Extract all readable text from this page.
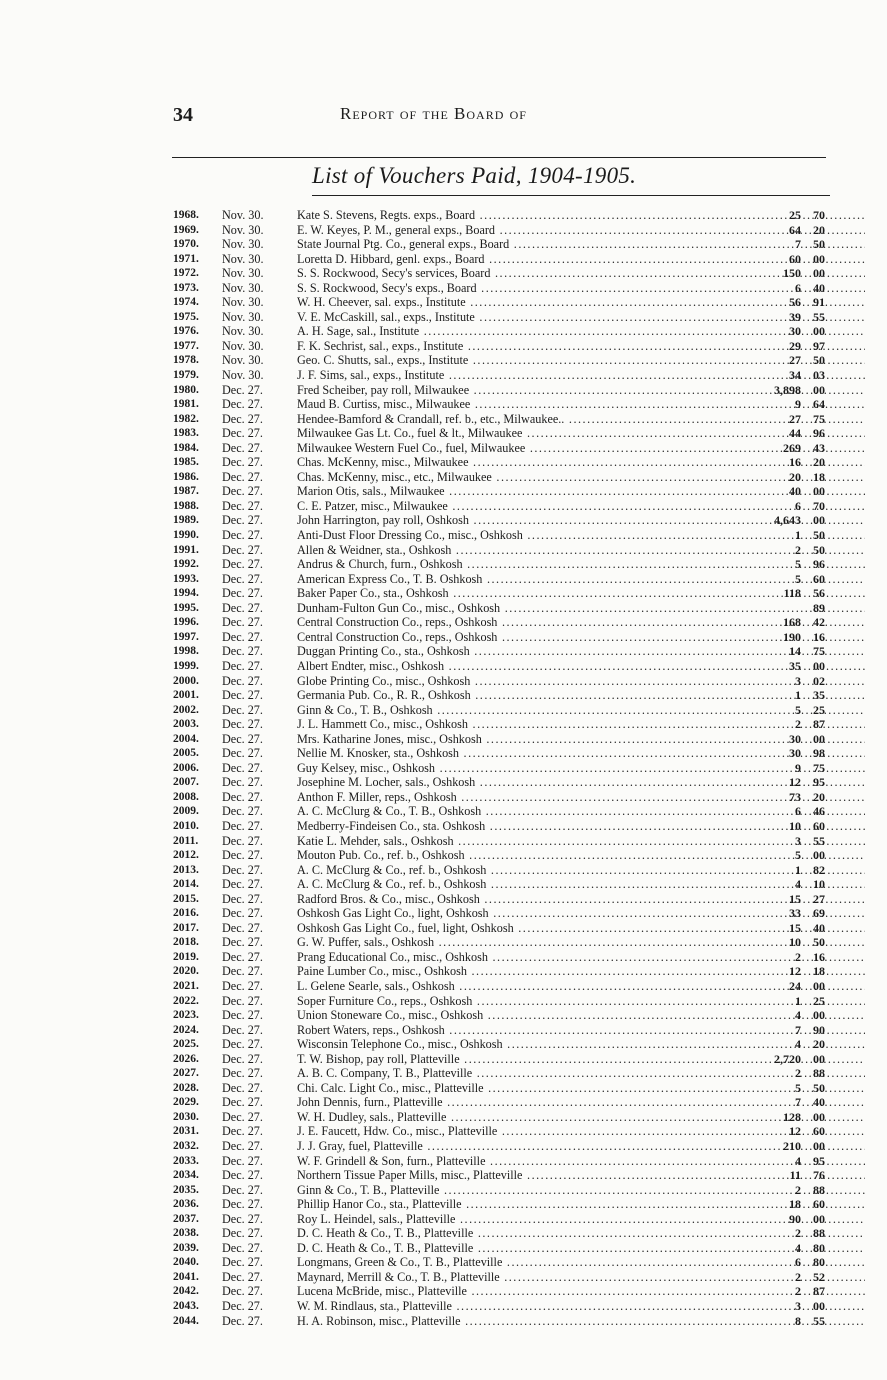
34	Report of the Board of
List of Vouchers Paid, 1904-1905.
1968.	Nov. 30.	Kate S. Stevens, Regts. exps., Board .....	25 70
1969.	Nov. 30.	E. W. Keyes, P. M., general exps., Board .....	64 20
1970.	Nov. 30.	State Journal Ptg. Co., general exps., Board .....	7 50
1971.	Nov. 30.	Loretta D. Hibbard, genl. exps., Board .....	60 00
1972.	Nov. 30.	S. S. Rockwood, Secy's services, Board .....	150 00
1973.	Nov. 30.	S. S. Rockwood, Secy's exps., Board .....	6 40
1974.	Nov. 30.	W. H. Cheever, sal. exps., Institute .....	56 91
1975.	Nov. 30.	V. E. McCaskill, sal., exps., Institute .....	39 55
1976.	Nov. 30.	A. H. Sage, sal., Institute .....	30 00
1977.	Nov. 30.	F. K. Sechrist, sal., exps., Institute .....	29 97
1978.	Nov. 30.	Geo. C. Shutts, sal., exps., Institute .....	27 50
1979.	Nov. 30.	J. F. Sims, sal., exps., Institute .....	34 03
1980.	Dec. 27.	Fred Scheiber, pay roll, Milwaukee .....	3,898 00
1981.	Dec. 27.	Maud B. Curtiss, misc., Milwaukee .....	9 64
1982.	Dec. 27.	Hendee-Bamford & Crandall, ref. b., etc., Milwaukee.. .....	27 75
1983.	Dec. 27.	Milwaukee Gas Lt. Co., fuel & lt., Milwaukee .....	44 96
1984.	Dec. 27.	Milwaukee Western Fuel Co., fuel, Milwaukee .....	269 43
1985.	Dec. 27.	Chas. McKenny, misc., Milwaukee .....	16 20
1986.	Dec. 27.	Chas. McKenny, misc., etc., Milwaukee .....	20 18
1987.	Dec. 27.	Marion Otis, sals., Milwaukee .....	40 00
1988.	Dec. 27.	C. E. Patzer, misc., Milwaukee .....	6 70
1989.	Dec. 27.	John Harrington, pay roll, Oshkosh .....	4,643 00
1990.	Dec. 27.	Anti-Dust Floor Dressing Co., misc., Oshkosh .....	1 50
1991.	Dec. 27.	Allen & Weidner, sta., Oshkosh .....	2 50
1992.	Dec. 27.	Andrus & Church, furn., Oshkosh .....	5 96
1993.	Dec. 27.	American Express Co., T. B. Oshkosh .....	5 60
1994.	Dec. 27.	Baker Paper Co., sta., Oshkosh .....	118 56
1995.	Dec. 27.	Dunham-Fulton Gun Co., misc., Oshkosh .....	89
1996.	Dec. 27.	Central Construction Co., reps., Oshkosh .....	168 42
1997.	Dec. 27.	Central Construction Co., reps., Oshkosh .....	190 16
1998.	Dec. 27.	Duggan Printing Co., sta., Oshkosh .....	14 75
1999.	Dec. 27.	Albert Endter, misc., Oshkosh .....	35 00
2000.	Dec. 27.	Globe Printing Co., misc., Oshkosh .....	3 02
2001.	Dec. 27.	Germania Pub. Co., R. R., Oshkosh .....	1 35
2002.	Dec. 27.	Ginn & Co., T. B., Oshkosh .....	5 25
2003.	Dec. 27.	J. L. Hammett Co., misc., Oshkosh .....	2 87
2004.	Dec. 27.	Mrs. Katharine Jones, misc., Oshkosh .....	30 00
2005.	Dec. 27.	Nellie M. Knosker, sta., Oshkosh .....	30 98
2006.	Dec. 27.	Guy Kelsey, misc., Oshkosh .....	9 75
2007.	Dec. 27.	Josephine M. Locher, sals., Oshkosh .....	12 95
2008.	Dec. 27.	Anthon F. Miller, reps., Oshkosh .....	73 20
2009.	Dec. 27.	A. C. McClurg & Co., T. B., Oshkosh .....	6 46
2010.	Dec. 27.	Medberry-Findeisen Co., sta. Oshkosh .....	10 60
2011.	Dec. 27.	Katie L. Mehder, sals., Oshkosh .....	3 55
2012.	Dec. 27.	Mouton Pub. Co., ref. b., Oshkosh .....	5 00
2013.	Dec. 27.	A. C. McClurg & Co., ref. b., Oshkosh .....	1 82
2014.	Dec. 27.	A. C. McClurg & Co., ref. b., Oshkosh .....	4 10
2015.	Dec. 27.	Radford Bros. & Co., misc., Oshkosh .....	15 27
2016.	Dec. 27.	Oshkosh Gas Light Co., light, Oshkosh .....	33 69
2017.	Dec. 27.	Oshkosh Gas Light Co., fuel, light, Oshkosh .....	15 40
2018.	Dec. 27.	G. W. Puffer, sals., Oshkosh .....	10 50
2019.	Dec. 27.	Prang Educational Co., misc., Oshkosh .....	2 16
2020.	Dec. 27.	Paine Lumber Co., misc., Oshkosh .....	12 18
2021.	Dec. 27.	L. Gelene Searle, sals., Oshkosh .....	24 00
2022.	Dec. 27.	Soper Furniture Co., reps., Oshkosh .....	1 25
2023.	Dec. 27.	Union Stoneware Co., misc., Oshkosh .....	4 00
2024.	Dec. 27.	Robert Waters, reps., Oshkosh .....	7 90
2025.	Dec. 27.	Wisconsin Telephone Co., misc., Oshkosh .....	4 20
2026.	Dec. 27.	T. W. Bishop, pay roll, Platteville .....	2,720 00
2027.	Dec. 27.	A. B. C. Company, T. B., Platteville .....	2 88
2028.	Dec. 27.	Chi. Calc. Light Co., misc., Platteville .....	5 50
2029.	Dec. 27.	John Dennis, furn., Platteville .....	7 40
2030.	Dec. 27.	W. H. Dudley, sals., Platteville .....	128 00
2031.	Dec. 27.	J. E. Faucett, Hdw. Co., misc., Platteville .....	12 60
2032.	Dec. 27.	J. J. Gray, fuel, Platteville .....	210 00
2033.	Dec. 27.	W. F. Grindell & Son, furn., Platteville .....	4 95
2034.	Dec. 27.	Northern Tissue Paper Mills, misc., Platteville .....	11 76
2035.	Dec. 27.	Ginn & Co., T. B., Platteville .....	2 88
2036.	Dec. 27.	Phillip Hanor Co., sta., Platteville .....	18 60
2037.	Dec. 27.	Roy L. Heindel, sals., Platteville .....	90 00
2038.	Dec. 27.	D. C. Heath & Co., T. B., Platteville .....	2 88
2039.	Dec. 27.	D. C. Heath & Co., T. B., Platteville .....	4 80
2040.	Dec. 27.	Longmans, Green & Co., T. B., Platteville .....	6 80
2041.	Dec. 27.	Maynard, Merrill & Co., T. B., Platteville .....	2 52
2042.	Dec. 27.	Lucena McBride, misc., Platteville .....	2 87
2043.	Dec. 27.	W. M. Rindlaus, sta., Platteville .....	3 00
2044.	Dec. 27.	H. A. Robinson, misc., Platteville .....	8 55
